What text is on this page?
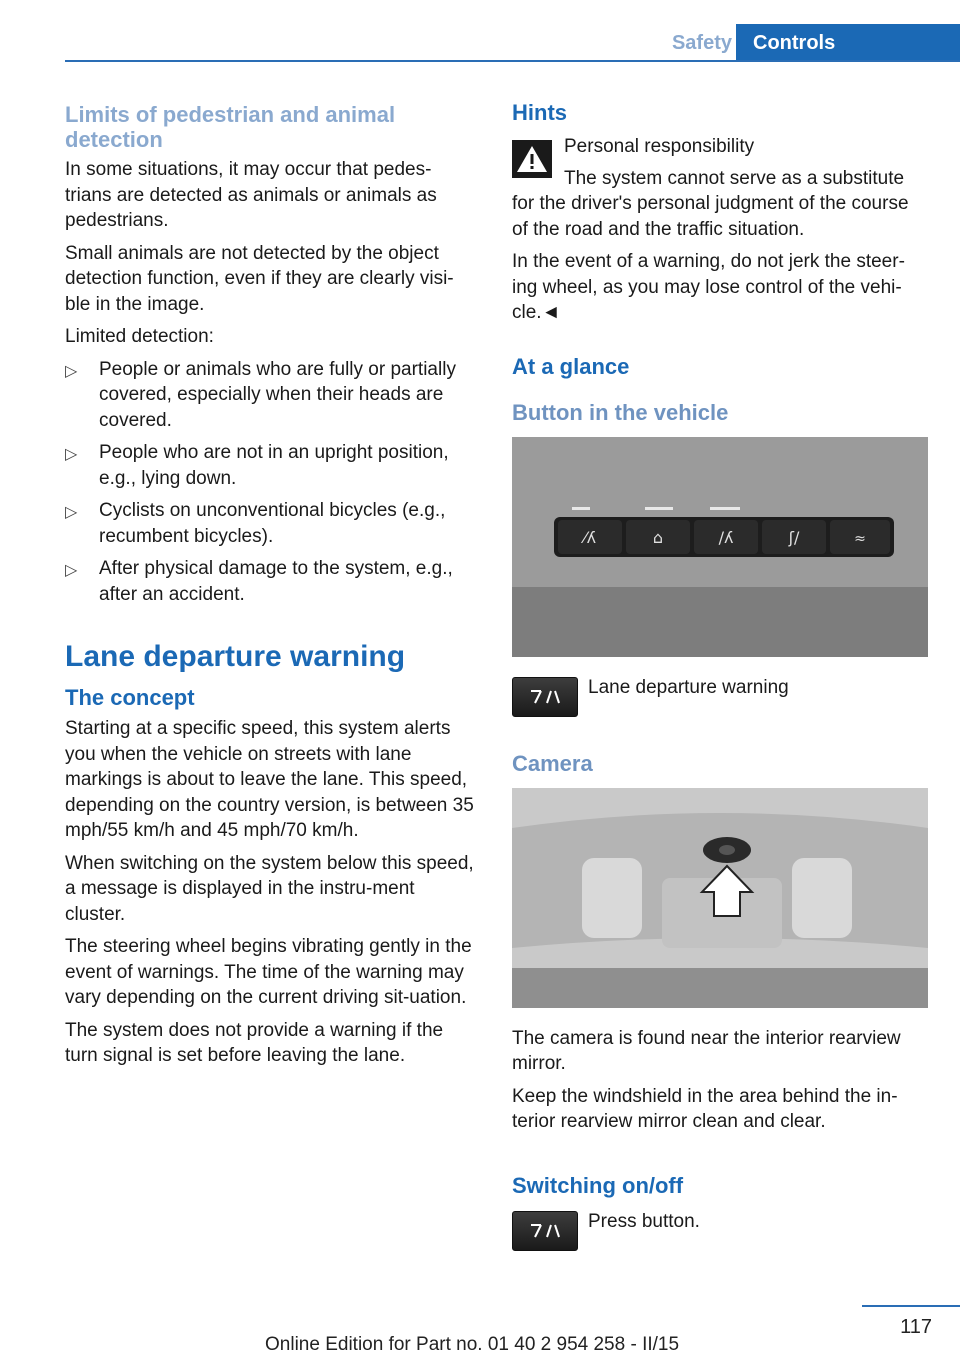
Safety	Controls
Limits of pedestrian and animal detection

In some situations, it may occur that pedes‐trians are detected as animals or animals as pedestrians.

Small animals are not detected by the object detection function, even if they are clearly visi‐ble in the image.

Limited detection:

▷ People or animals who are fully or partially covered, especially when their heads are covered.
▷ People who are not in an upright position, e.g., lying down.
▷ Cyclists on unconventional bicycles (e.g., recumbent bicycles).
▷ After physical damage to the system, e.g., after an accident.
Lane departure warning
The concept

Starting at a specific speed, this system alerts you when the vehicle on streets with lane markings is about to leave the lane. This speed, depending on the country version, is between 35 mph/55 km/h and 45 mph/70 km/h.

When switching on the system below this speed, a message is displayed in the instru‐ment cluster.

The steering wheel begins vibrating gently in the event of warnings. The time of the warning may vary depending on the current driving sit‐uation.

The system does not provide a warning if the turn signal is set before leaving the lane.

Hints

Personal responsibility

The system cannot serve as a substitute for the driver's personal judgment of the course of the road and the traffic situation.

In the event of a warning, do not jerk the steer‐ing wheel, as you may lose control of the vehi‐cle.◄

At a glance
Button in the vehicle
⁄ʎ	⌂	/ʎ	ʃ/	≈
Lane departure warning
Camera

The camera is found near the interior rearview mirror.

Keep the windshield in the area behind the in‐terior rearview mirror clean and clear.

Switching on/off
Press button.
117
Online Edition for Part no. 01 40 2 954 258 - II/15
